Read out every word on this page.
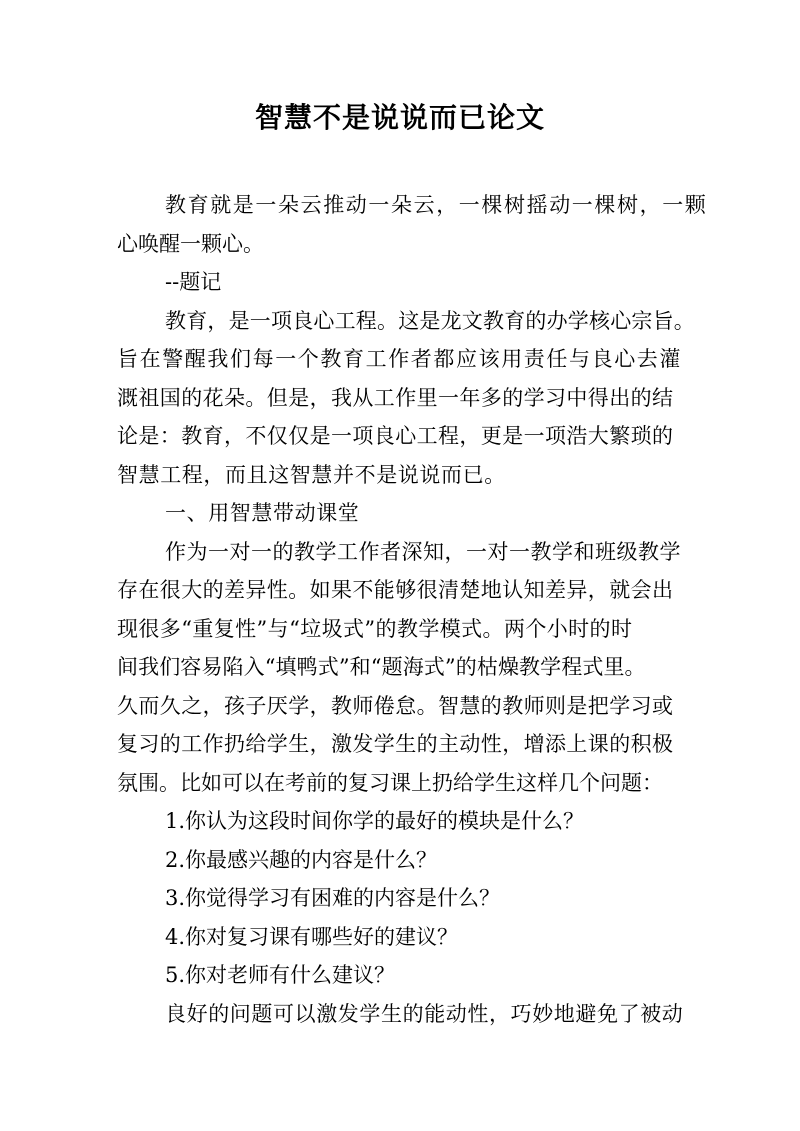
智慧不是说说而已论文
教育就是一朵云推动一朵云，一棵树摇动一棵树，一颗
心唤醒一颗心。
--题记
教育，是一项良心工程。这是龙文教育的办学核心宗旨。
旨在警醒我们每一个教育工作者都应该用责任与良心去灌
溉祖国的花朵。但是，我从工作里一年多的学习中得出的结
论是：教育，不仅仅是一项良心工程，更是一项浩大繁琐的
智慧工程，而且这智慧并不是说说而已。
一、用智慧带动课堂
作为一对一的教学工作者深知，一对一教学和班级教学
存在很大的差异性。如果不能够很清楚地认知差异，就会出
现很多“重复性”与“垃圾式”的教学模式。两个小时的时
间我们容易陷入“填鸭式”和“题海式”的枯燥教学程式里。
久而久之，孩子厌学，教师倦怠。智慧的教师则是把学习或
复习的工作扔给学生，激发学生的主动性，增添上课的积极
氛围。比如可以在考前的复习课上扔给学生这样几个问题：
1.你认为这段时间你学的最好的模块是什么？
2.你最感兴趣的内容是什么？
3.你觉得学习有困难的内容是什么？
4.你对复习课有哪些好的建议？
5.你对老师有什么建议？
良好的问题可以激发学生的能动性，巧妙地避免了被动
